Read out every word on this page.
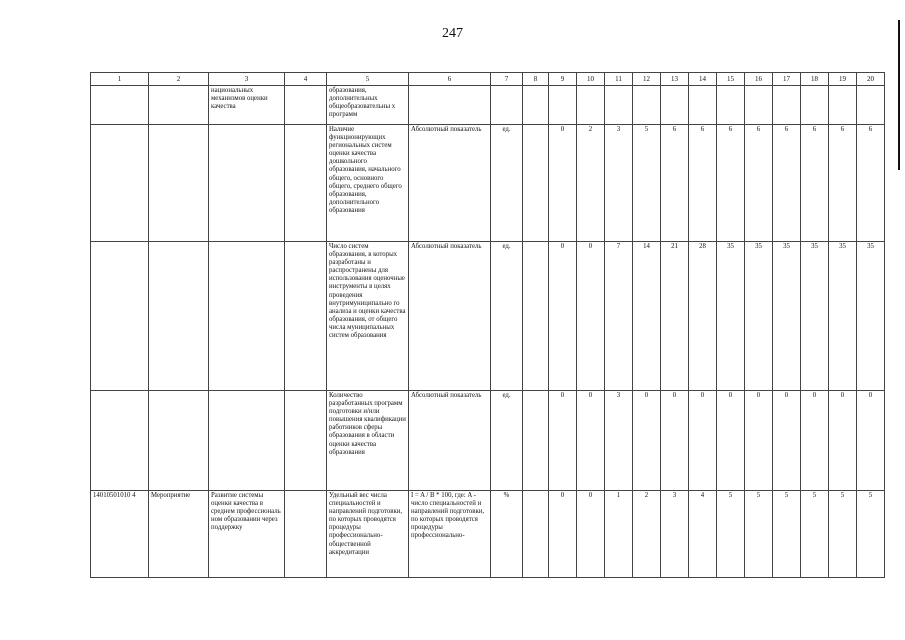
247
1	2	3	4	5	6	7	8	9	10	11	12	13	14	15	16	17	18	19	20
		национальных механизмов оценки качества		образования, дополнительных общеобразовательны х программ															
				Наличие функционирующих региональных систем оценки качества дошкольного образования, начального общего, основного общего, среднего общего образования, дополнительного образования	Абсолютный показатель	ед.		0	2	3	5	6	6	6	6	6	6	6	6
				Число систем образования, в которых разработаны и распространены для использования оценочные инструменты в целях проведения внутримуниципально го анализа и оценки качества образования, от общего числа муниципальных систем образования	Абсолютный показатель	ед.		0	0	7	14	21	28	35	35	35	35	35	35
				Количество разработанных программ подготовки и/или повышения квалификации работников сферы образования в области оценки качества образования	Абсолютный показатель	ед.		0	0	3	0	0	0	0	0	0	0	0	0
14010501010 4	Мероприятие	Развитие системы оценки качества в среднем профессиональ ном образовании через поддержку		Удельный вес числа специальностей и направлений подготовки, по которых проводятся процедуры профессионально-общественной аккредитации	I = A / B * 100, где: A - число специальностей и направлений подготовки, по которых проводятся процедуры профессионально-	%		0	0	1	2	3	4	5	5	5	5	5	5
